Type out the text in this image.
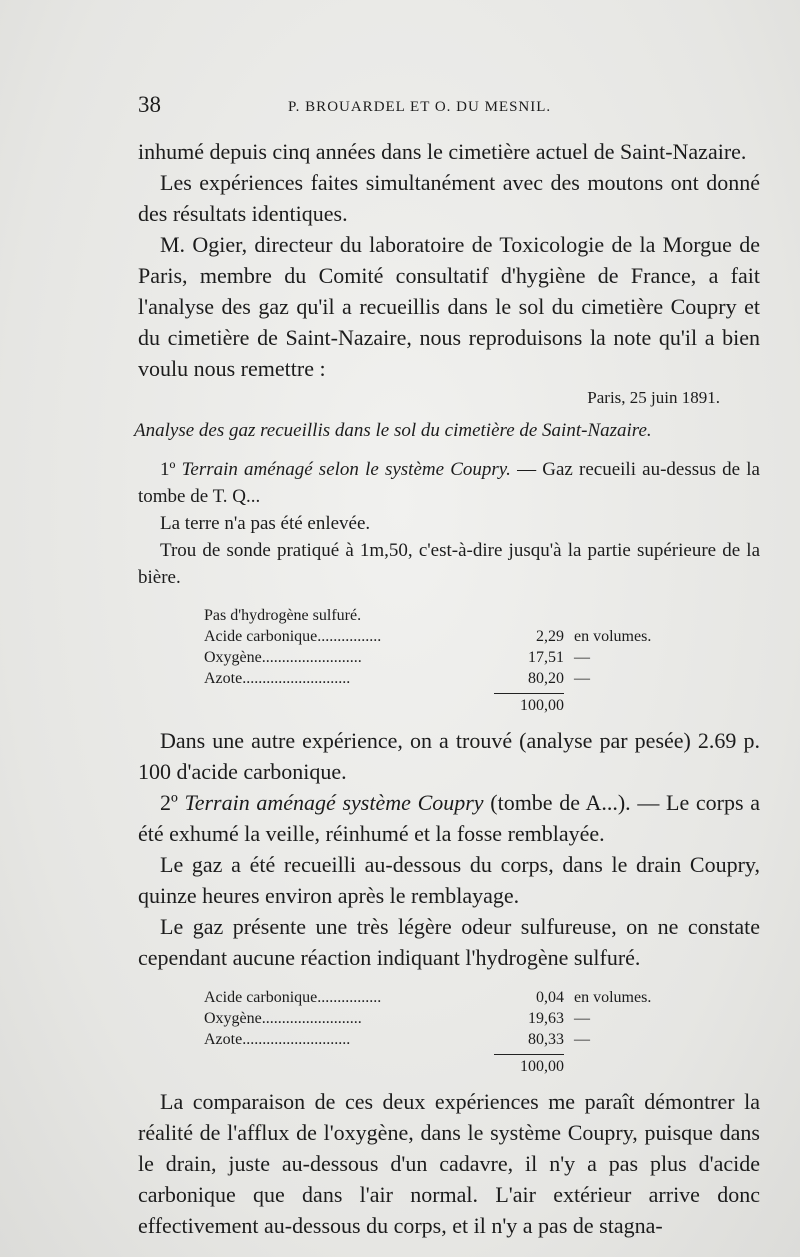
38	P. BROUARDEL ET O. DU MESNIL.

inhumé depuis cinq années dans le cimetière actuel de Saint-Nazaire.

Les expériences faites simultanément avec des moutons ont donné des résultats identiques.

M. Ogier, directeur du laboratoire de Toxicologie de la Morgue de Paris, membre du Comité consultatif d'hygiène de France, a fait l'analyse des gaz qu'il a recueillis dans le sol du cimetière Coupry et du cimetière de Saint-Nazaire, nous reproduisons la note qu'il a bien voulu nous remettre :

Paris, 25 juin 1891.
Analyse des gaz recueillis dans le sol du cimetière de Saint-Nazaire.

1º Terrain aménagé selon le système Coupry. — Gaz recueili au-dessus de la tombe de T. Q...

La terre n'a pas été enlevée.

Trou de sonde pratiqué à 1m,50, c'est-à-dire jusqu'à la partie supérieure de la bière.

Pas d'hydrogène sulfuré.
Acide carbonique................	2,29 en volumes.
Oxygène.........................	17,51 —
Azote...........................	80,20 —
100,00

Dans une autre expérience, on a trouvé (analyse par pesée) 2.69 p. 100 d'acide carbonique.

2º Terrain aménagé système Coupry (tombe de A...). — Le corps a été exhumé la veille, réinhumé et la fosse remblayée.

Le gaz a été recueilli au-dessous du corps, dans le drain Coupry, quinze heures environ après le remblayage.

Le gaz présente une très légère odeur sulfureuse, on ne constate cependant aucune réaction indiquant l'hydrogène sulfuré.

Acide carbonique................	0,04 en volumes.
Oxygène.........................	19,63 —
Azote...........................	80,33 —
100,00

La comparaison de ces deux expériences me paraît démontrer la réalité de l'afflux de l'oxygène, dans le système Coupry, puisque dans le drain, juste au-dessous d'un cadavre, il n'y a pas plus d'acide carbonique que dans l'air normal. L'air extérieur arrive donc effectivement au-dessous du corps, et il n'y a pas de stagna-
